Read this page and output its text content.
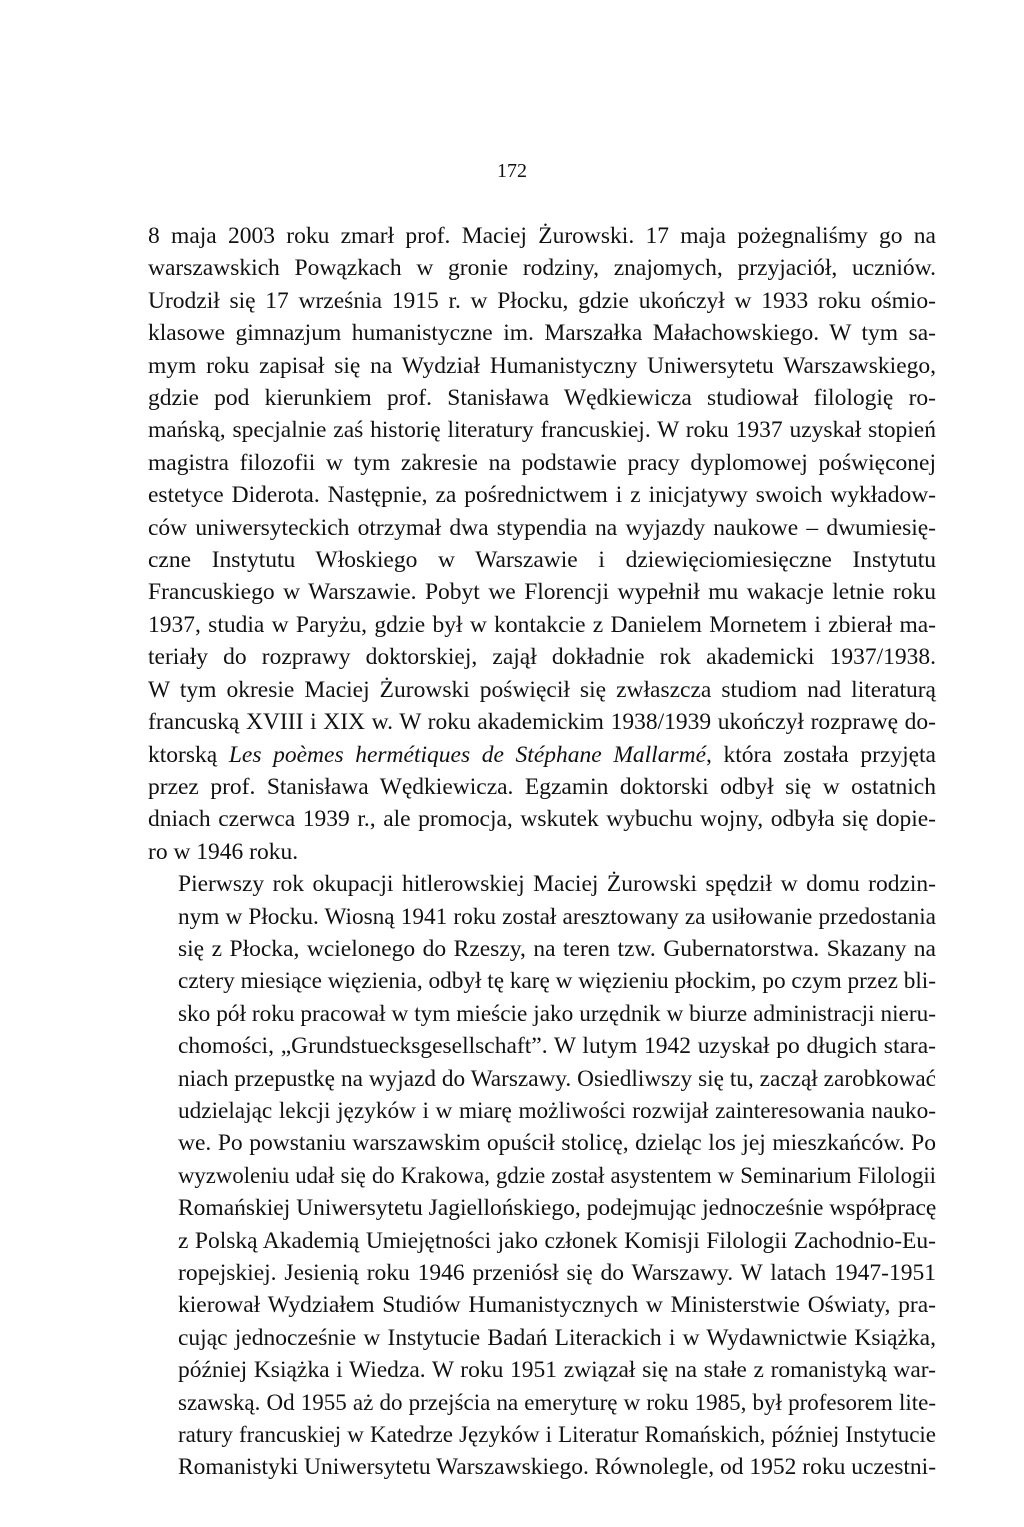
172
8 maja 2003 roku zmarł prof. Maciej Żurowski. 17 maja pożegnaliśmy go na
warszawskich Powązkach w gronie rodziny, znajomych, przyjaciół, uczniów.
Urodził się 17 września 1915 r. w Płocku, gdzie ukończył w 1933 roku ośmio-
klasowe gimnazjum humanistyczne im. Marszałka Małachowskiego. W tym sa-
mym roku zapisał się na Wydział Humanistyczny Uniwersytetu Warszawskiego,
gdzie pod kierunkiem prof. Stanisława Wędkiewicza studiował filologię ro-
mańską, specjalnie zaś historię literatury francuskiej. W roku 1937 uzyskał stopień
magistra filozofii w tym zakresie na podstawie pracy dyplomowej poświęconej
estetyce Diderota. Następnie, za pośrednictwem i z inicjatywy swoich wykładow-
ców uniwersyteckich otrzymał dwa stypendia na wyjazdy naukowe – dwumiesię-
czne Instytutu Włoskiego w Warszawie i dziewięciomiesięczne Instytutu
Francuskiego w Warszawie. Pobyt we Florencji wypełnił mu wakacje letnie roku
1937, studia w Paryżu, gdzie był w kontakcie z Danielem Mornetem i zbierał ma-
teriały do rozprawy doktorskiej, zajął dokładnie rok akademicki 1937/1938.
W tym okresie Maciej Żurowski poświęcił się zwłaszcza studiom nad literaturą
francuską XVIII i XIX w. W roku akademickim 1938/1939 ukończył rozprawę do-
ktorską Les poèmes hermétiques de Stéphane Mallarmé, która została przyjęta
przez prof. Stanisława Wędkiewicza. Egzamin doktorski odbył się w ostatnich
dniach czerwca 1939 r., ale promocja, wskutek wybuchu wojny, odbyła się dopie-
ro w 1946 roku.
Pierwszy rok okupacji hitlerowskiej Maciej Żurowski spędził w domu rodzin-
nym w Płocku. Wiosną 1941 roku został aresztowany za usiłowanie przedostania
się z Płocka, wcielonego do Rzeszy, na teren tzw. Gubernatorstwa. Skazany na
cztery miesiące więzienia, odbył tę karę w więzieniu płockim, po czym przez bli-
sko pół roku pracował w tym mieście jako urzędnik w biurze administracji nieru-
chomości, „Grundstuecksgesellschaft”. W lutym 1942 uzyskał po długich stara-
niach przepustkę na wyjazd do Warszawy. Osiedliwszy się tu, zaczął zarobkować
udzielając lekcji języków i w miarę możliwości rozwijał zainteresowania nauko-
we. Po powstaniu warszawskim opuścił stolicę, dzieląc los jej mieszkańców. Po
wyzwoleniu udał się do Krakowa, gdzie został asystentem w Seminarium Filologii
Romańskiej Uniwersytetu Jagiellońskiego, podejmując jednocześnie współpracę
z Polską Akademią Umiejętności jako członek Komisji Filologii Zachodnio-Eu-
ropejskiej. Jesienią roku 1946 przeniósł się do Warszawy. W latach 1947-1951
kierował Wydziałem Studiów Humanistycznych w Ministerstwie Oświaty, pra-
cując jednocześnie w Instytucie Badań Literackich i w Wydawnictwie Książka,
później Książka i Wiedza. W roku 1951 związał się na stałe z romanistyką war-
szawską. Od 1955 aż do przejścia na emeryturę w roku 1985, był profesorem lite-
ratury francuskiej w Katedrze Języków i Literatur Romańskich, później Instytucie
Romanistyki Uniwersytetu Warszawskiego. Równolegle, od 1952 roku uczestni-
